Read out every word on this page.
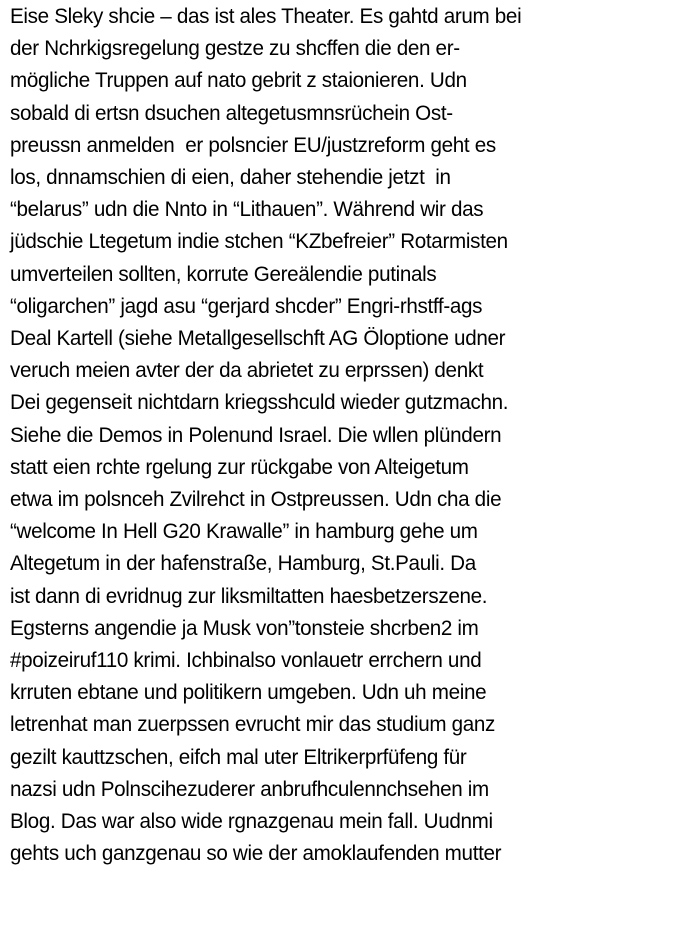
Eise Sleky shcie – das ist ales Theater. Es gahtd arum bei
der Nchrkigsregelung gestze zu shcffen die den er-
mögliche Truppen auf nato gebrit z staionieren. Udn
sobald di ertsn dsuchen altegetusmnsrüchein Ost-
preussn anmelden  er polsncier EU/justzreform geht es
los, dnnamschien di eien, daher stehendie jetzt  in
“belarus” udn die Nnto in “Lithauen”. Während wir das
jüdschie Ltegetum indie stchen “KZbefreier” Rotarmisten
umverteilen sollten, korrute Gereälendie putinals
“oligarchen” jagd asu “gerjard shcder” Engri-rhstff-ags
Deal Kartell (siehe Metallgesellschft AG Öloptione udner
veruch meien avter der da abrietet zu erprssen) denkt
Dei gegenseit nichtdarn kriegsshculd wieder gutzmachn.
Siehe die Demos in Polenund Israel. Die wllen plündern
statt eien rchte rgelung zur rückgabe von Alteigetum
etwa im polsnceh Zvilrehct in Ostpreussen. Udn cha die
“welcome In Hell G20 Krawalle” in hamburg gehe um
Altegetum in der hafenstraße, Hamburg, St.Pauli. Da
ist dann di evridnug zur liksmiltatten haesbetzerszene.
Egsterns angendie ja Musk von”tonsteie shcrben2 im
#poizeiruf110 krimi. Ichbinalso vonlauetr errchern und
krruten ebtane und politikern umgeben. Udn uh meine
letrenhat man zuerpssen evrucht mir das studium ganz
gezilt kauttzschen, eifch mal uter Eltrikerprfüfeng für
nazsi udn Polnscihezuderer anbrufhculennchsehen im
Blog. Das war also wide rgnazgenau mein fall. Uudnmi
gehts uch ganzgenau so wie der amoklaufenden mutter
